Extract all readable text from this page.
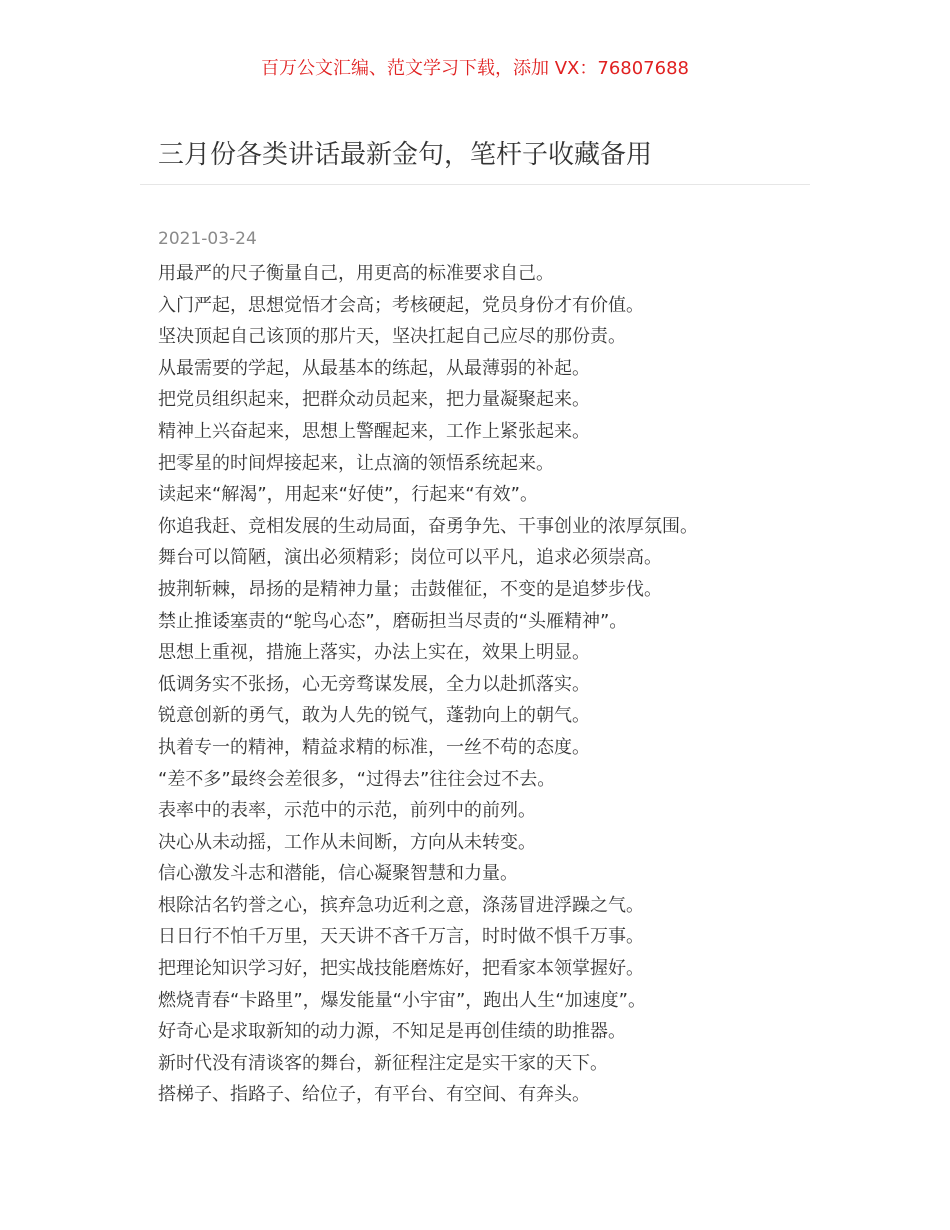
百万公文汇编、范文学习下载，添加 VX：76807688
三月份各类讲话最新金句，笔杆子收藏备用
2021-03-24
用最严的尺子衡量自己，用更高的标准要求自己。
入门严起，思想觉悟才会高；考核硬起，党员身份才有价值。
坚决顶起自己该顶的那片天，坚决扛起自己应尽的那份责。
从最需要的学起，从最基本的练起，从最薄弱的补起。
把党员组织起来，把群众动员起来，把力量凝聚起来。
精神上兴奋起来，思想上警醒起来，工作上紧张起来。
把零星的时间焊接起来，让点滴的领悟系统起来。
读起来“解渴”，用起来“好使”，行起来“有效”。
你追我赶、竞相发展的生动局面，奋勇争先、干事创业的浓厚氛围。
舞台可以简陋，演出必须精彩；岗位可以平凡，追求必须崇高。
披荆斩棘，昂扬的是精神力量；击鼓催征，不变的是追梦步伐。
禁止推诿塞责的“鸵鸟心态”，磨砺担当尽责的“头雁精神”。
思想上重视，措施上落实，办法上实在，效果上明显。
低调务实不张扬，心无旁骛谋发展，全力以赴抓落实。
锐意创新的勇气，敢为人先的锐气，蓬勃向上的朝气。
执着专一的精神，精益求精的标准，一丝不苟的态度。
“差不多”最终会差很多，“过得去”往往会过不去。
表率中的表率，示范中的示范，前列中的前列。
决心从未动摇，工作从未间断，方向从未转变。
信心激发斗志和潜能，信心凝聚智慧和力量。
根除沽名钓誉之心，摈弃急功近利之意，涤荡冒进浮躁之气。
日日行不怕千万里，天天讲不吝千万言，时时做不惧千万事。
把理论知识学习好，把实战技能磨炼好，把看家本领掌握好。
燃烧青春“卡路里”，爆发能量“小宇宙”，跑出人生“加速度”。
好奇心是求取新知的动力源，不知足是再创佳绩的助推器。
新时代没有清谈客的舞台，新征程注定是实干家的天下。
搭梯子、指路子、给位子，有平台、有空间、有奔头。
